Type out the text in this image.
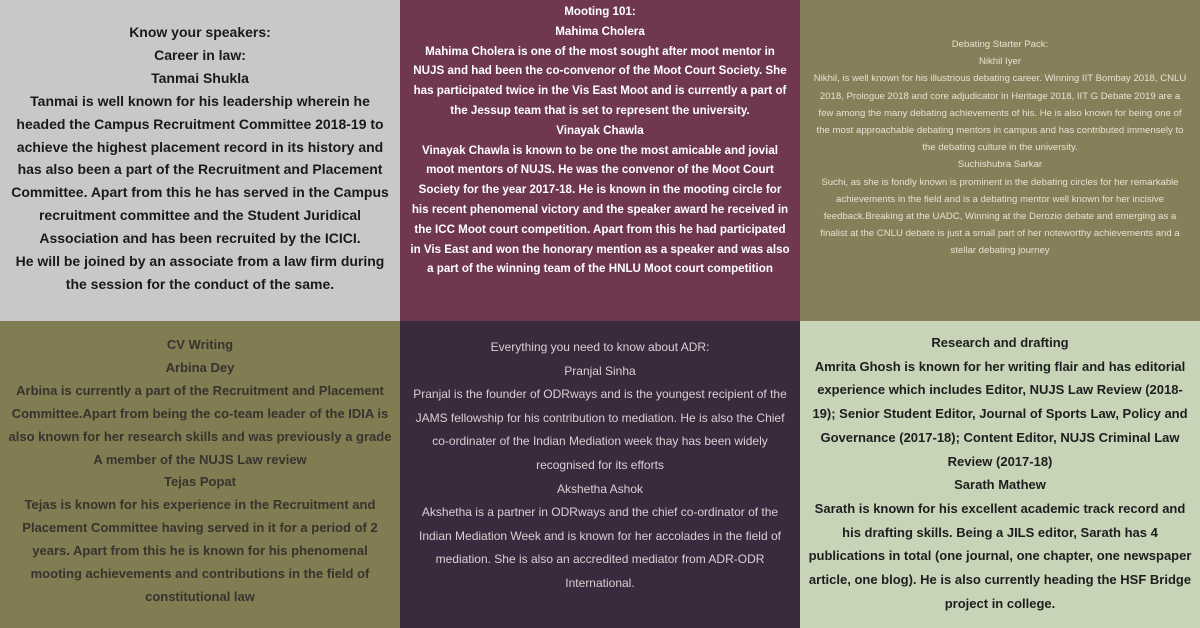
Know your speakers:

Career in law:

Tanmai Shukla

Tanmai is well known for his leadership wherein he headed the Campus Recruitment Committee 2018-19 to achieve the highest placement record in its history and has also been a part of the Recruitment and Placement Committee. Apart from this he has served in the Campus recruitment committee and the Student Juridical Association and has been recruited by the ICICI.

He will be joined by an associate from a law firm during the session for the conduct of the same.

Mooting 101:

Mahima Cholera

Mahima Cholera is one of the most sought after moot mentor in NUJS and had been the co-convenor of the Moot Court Society. She has participated twice in the Vis East Moot and is currently a part of the Jessup team that is set to represent the university.

Vinayak Chawla

Vinayak Chawla is known to be one the most amicable and jovial moot mentors of NUJS. He was the convenor of the Moot Court Society for the year 2017-18. He is known in the mooting circle for his recent phenomenal victory and the speaker award he received in the ICC Moot court competition. Apart from this he had participated in Vis East and won the honorary mention as a speaker and was also a part of the winning team of the HNLU Moot court competition

Debating Starter Pack:

Nikhil Iyer

Nikhil, is well known for his illustrious debating career. Winning IIT Bombay 2018, CNLU 2018, Prologue 2018 and core adjudicator in Heritage 2018, IIT G Debate 2019 are a few among the many debating achievements of his. He is also known for being one of the most approachable debating mentors in campus and has contributed immensely to the debating culture in the university.

Suchishubra Sarkar

Suchi, as she is fondly known is prominent in the debating circles for her remarkable achievements in the field and is a debating mentor well known for her incisive feedback.Breaking at the UADC, Winning at the Derozio debate and emerging as a finalist at the CNLU debate is just a small part of her noteworthy achievements and a stellar debating journey

CV Writing

Arbina Dey

Arbina is currently a part of the Recruitment and Placement Committee.Apart from being the co-team leader of the IDIA is also known for her research skills and was previously a grade A member of the NUJS Law review

Tejas Popat

Tejas is known for his experience in the Recruitment and Placement Committee having served in it for a period of 2 years. Apart from this he is known for his phenomenal mooting achievements and contributions in the field of constitutional law

Everything you need to know about ADR:

Pranjal Sinha

Pranjal is the founder of ODRways and is the youngest recipient of the JAMS fellowship for his contribution to mediation. He is also the Chief co-ordinater of the Indian Mediation week thay has been widely recognised for its efforts

Akshetha Ashok

Akshetha is a partner in ODRways and the chief co-ordinator of the Indian Mediation Week and is known for her accolades in the field of mediation. She is also an accredited mediator from ADR-ODR International.

Research and drafting

Amrita Ghosh is known for her writing flair and has editorial experience which includes Editor, NUJS Law Review (2018-19); Senior Student Editor, Journal of Sports Law, Policy and Governance (2017-18); Content Editor, NUJS Criminal Law Review (2017-18)

Sarath Mathew

Sarath is known for his excellent academic track record and his drafting skills. Being a JILS editor, Sarath has 4 publications in total (one journal, one chapter, one newspaper article, one blog). He is also currently heading the HSF Bridge project in college.
